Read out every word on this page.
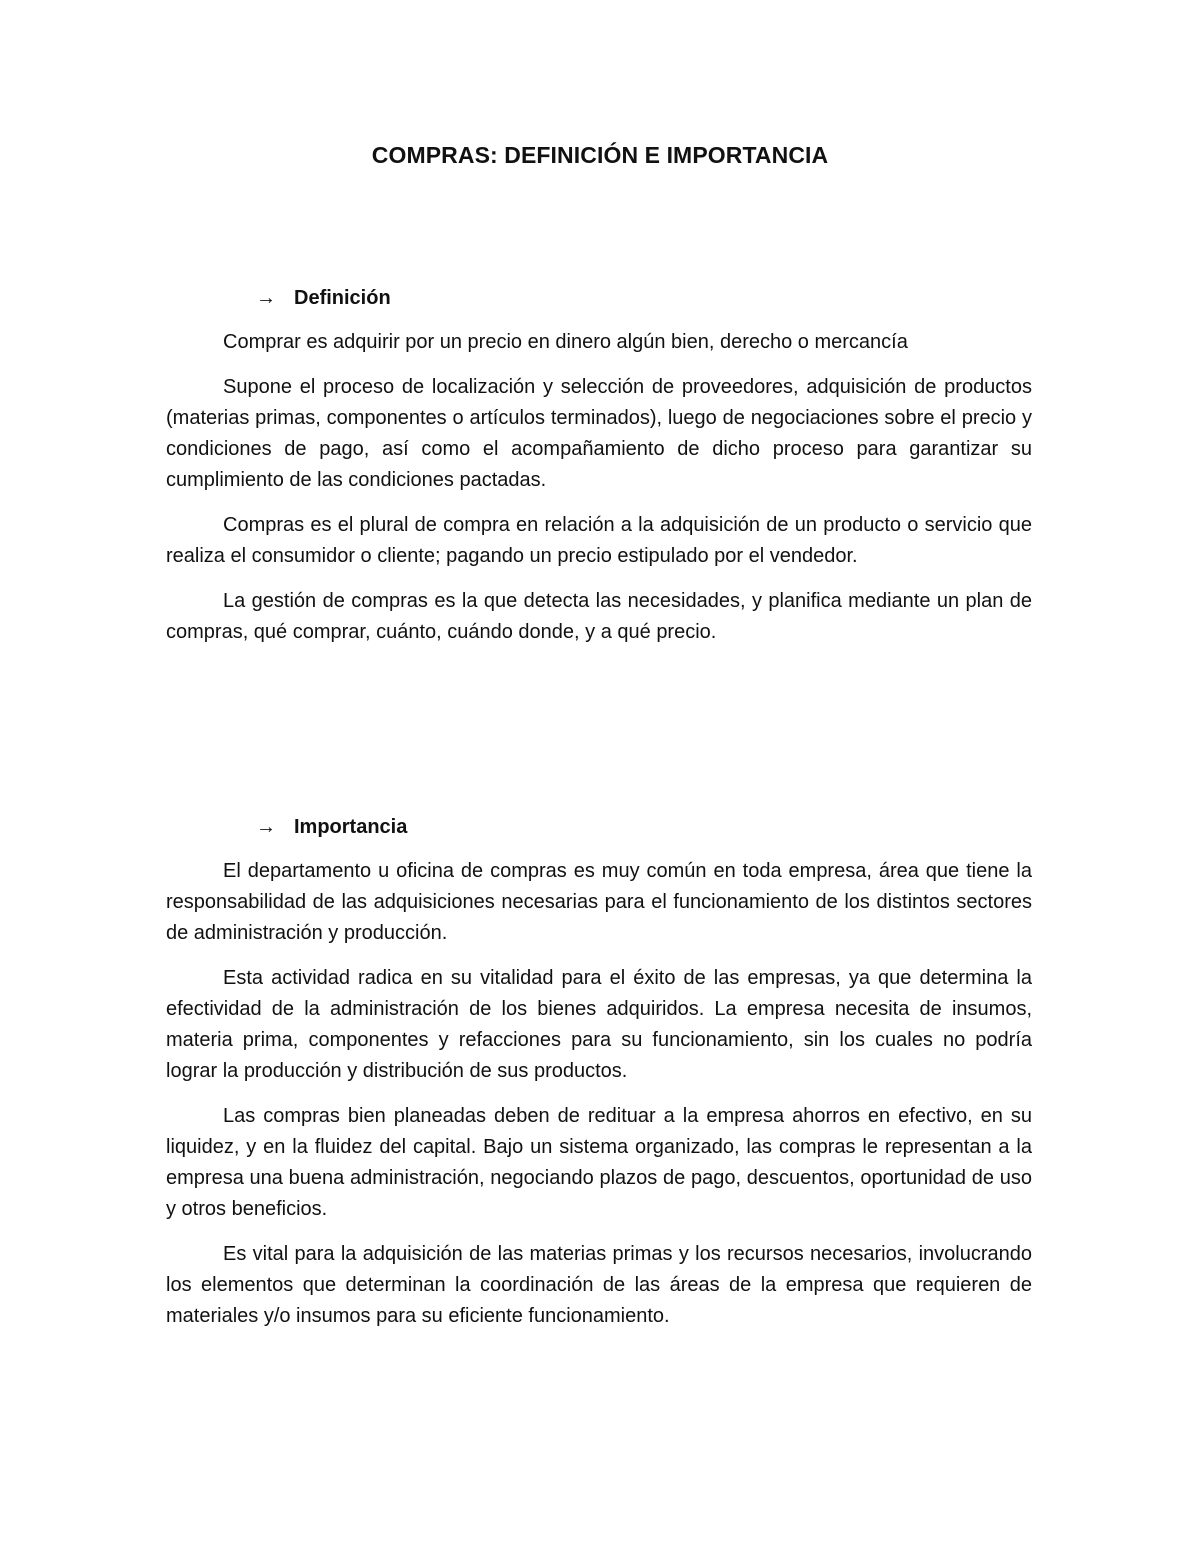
COMPRAS: DEFINICIÓN E IMPORTANCIA
→ Definición

Comprar es adquirir por un precio en dinero algún bien, derecho o mercancía

Supone el proceso de localización y selección de proveedores, adquisición de productos (materias primas, componentes o artículos terminados), luego de negociaciones sobre el precio y condiciones de pago, así como el acompañamiento de dicho proceso para garantizar su cumplimiento de las condiciones pactadas.

Compras es el plural de compra en relación a la adquisición de un producto o servicio que realiza el consumidor o cliente; pagando un precio estipulado por el vendedor.

La gestión de compras es la que detecta las necesidades, y planifica mediante un plan de compras, qué comprar, cuánto, cuándo donde, y a qué precio.

→ Importancia

El departamento u oficina de compras es muy común en toda empresa, área que tiene la responsabilidad de las adquisiciones necesarias para el funcionamiento de los distintos sectores de administración y producción.

Esta actividad radica en su vitalidad para el éxito de las empresas, ya que determina la efectividad de la administración de los bienes adquiridos. La empresa necesita de insumos, materia prima, componentes y refacciones para su funcionamiento, sin los cuales no podría lograr la producción y distribución de sus productos.

Las compras bien planeadas deben de redituar a la empresa ahorros en efectivo, en su liquidez, y en la fluidez del capital. Bajo un sistema organizado, las compras le representan a la empresa una buena administración, negociando plazos de pago, descuentos, oportunidad de uso y otros beneficios.

Es vital para la adquisición de las materias primas y los recursos necesarios, involucrando los elementos que determinan la coordinación de las áreas de la empresa que requieren de materiales y/o insumos para su eficiente funcionamiento.
